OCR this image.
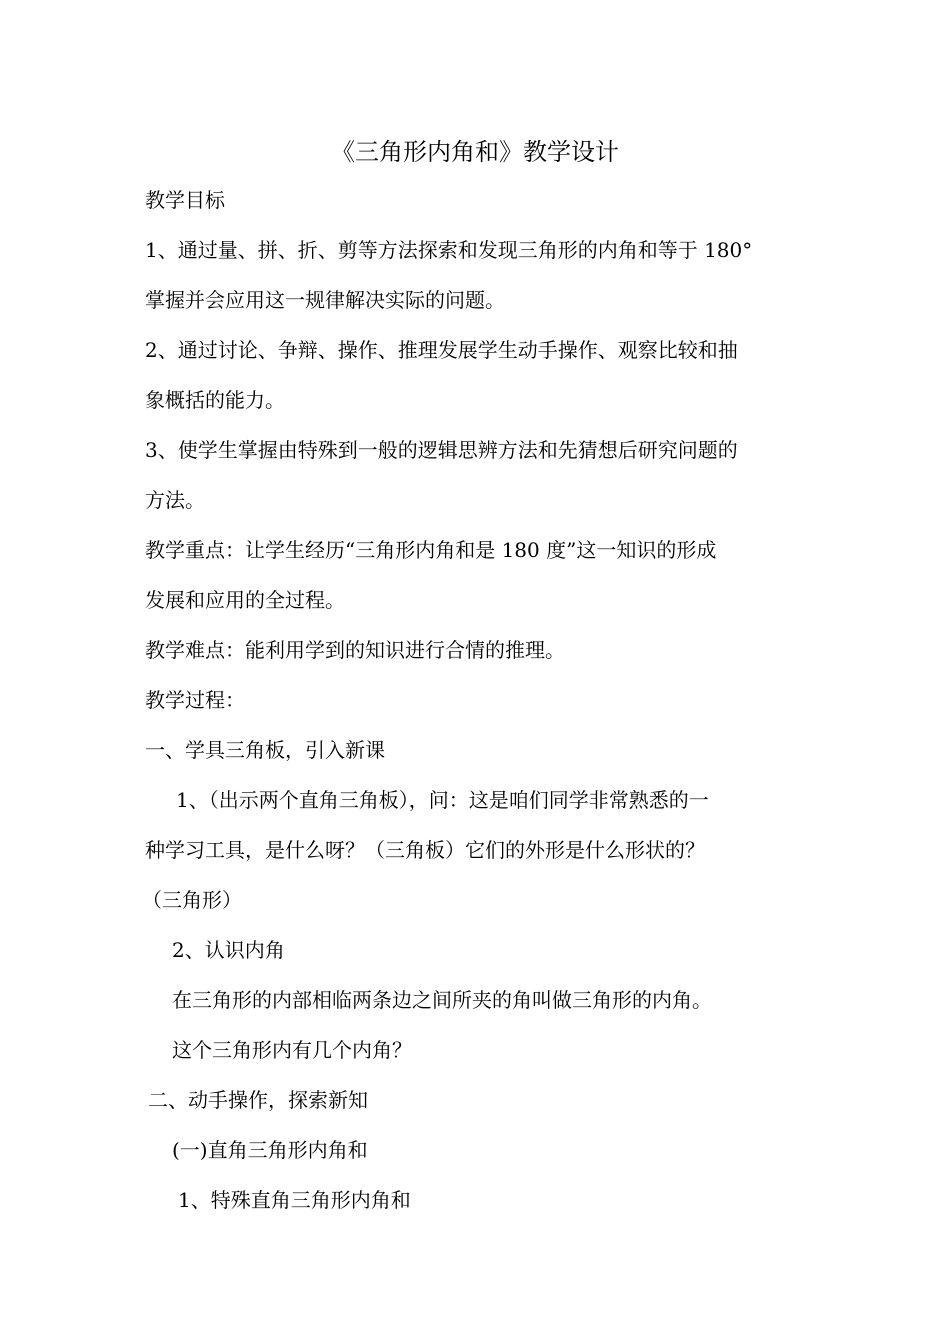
《三角形内角和》教学设计
教学目标
1、通过量、拼、折、剪等方法探索和发现三角形的内角和等于 180°
掌握并会应用这一规律解决实际的问题。
2、通过讨论、争辩、操作、推理发展学生动手操作、观察比较和抽
象概括的能力。
3、使学生掌握由特殊到一般的逻辑思辨方法和先猜想后研究问题的
方法。
教学重点：让学生经历“三角形内角和是 180 度”这一知识的形成
发展和应用的全过程。
教学难点：能利用学到的知识进行合情的推理。
教学过程：
一、学具三角板，引入新课
1、（出示两个直角三角板），问：这是咱们同学非常熟悉的一
种学习工具，是什么呀？（三角板）它们的外形是什么形状的？
（三角形）
2、认识内角
在三角形的内部相临两条边之间所夹的角叫做三角形的内角。
这个三角形内有几个内角？
二、动手操作，探索新知
(一)直角三角形内角和
1、特殊直角三角形内角和
